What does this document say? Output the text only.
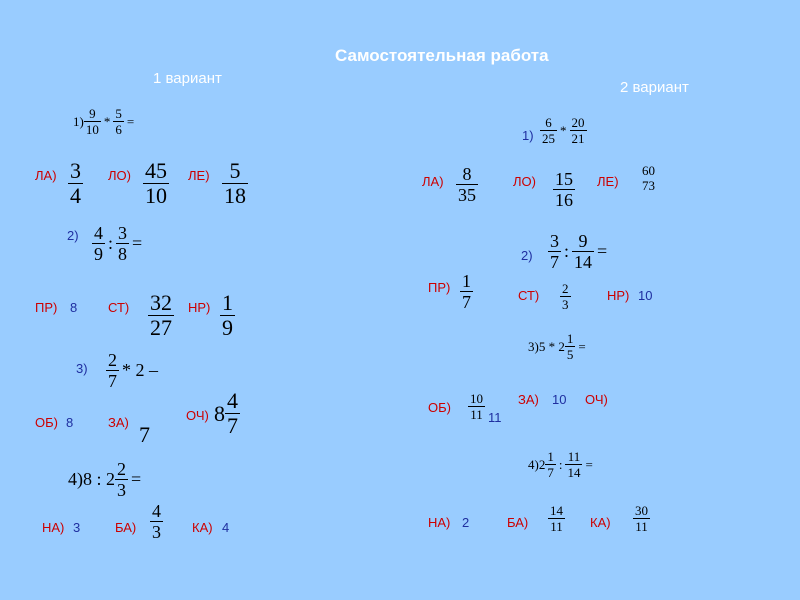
Самостоятельная работа
1 вариант
2 вариант
$1) \frac{9}{10} * \frac{5}{6}$ =
$ЛА) \frac{3}{4} ЛО) \frac{45}{10} ЛЕ) \frac{5}{18}$
$2) \frac{4}{9}$ : $\frac{3}{8}$ =
ПР) 8 $СТ) \frac{32}{27} НР) \frac{1}{9}$
$3) \frac{2}{7} * 2$ –
ОБ) 8	ЗА) 7
ОЧ) $8 \frac{4}{7}$
4)8 : $2 \frac{2}{3}$ =
НА) 3	$БА) \frac{4}{3} КА$) 4
$1) \frac{6}{25} * \frac{20}{21}$
$ЛА) \frac{8}{35}$	$ЛО) \frac{15}{16} ЛЕ$)
60
73
$2) \frac{3}{7}$ : $\frac{9}{14}$ =
$ПР) \frac{1}{7}$	$СТ) \frac{2}{3}$	НР) 10
$3)5 * 2 \frac{1}{5}$ =
$ОБ) \frac{10}{11} 11$
ЗА) 10 ОЧ)
$4)2 \frac{1}{7}$ : $\frac{11}{14}$ =
НА) 2	$БА) \frac{14}{11} КА) \frac{30}{11}$
